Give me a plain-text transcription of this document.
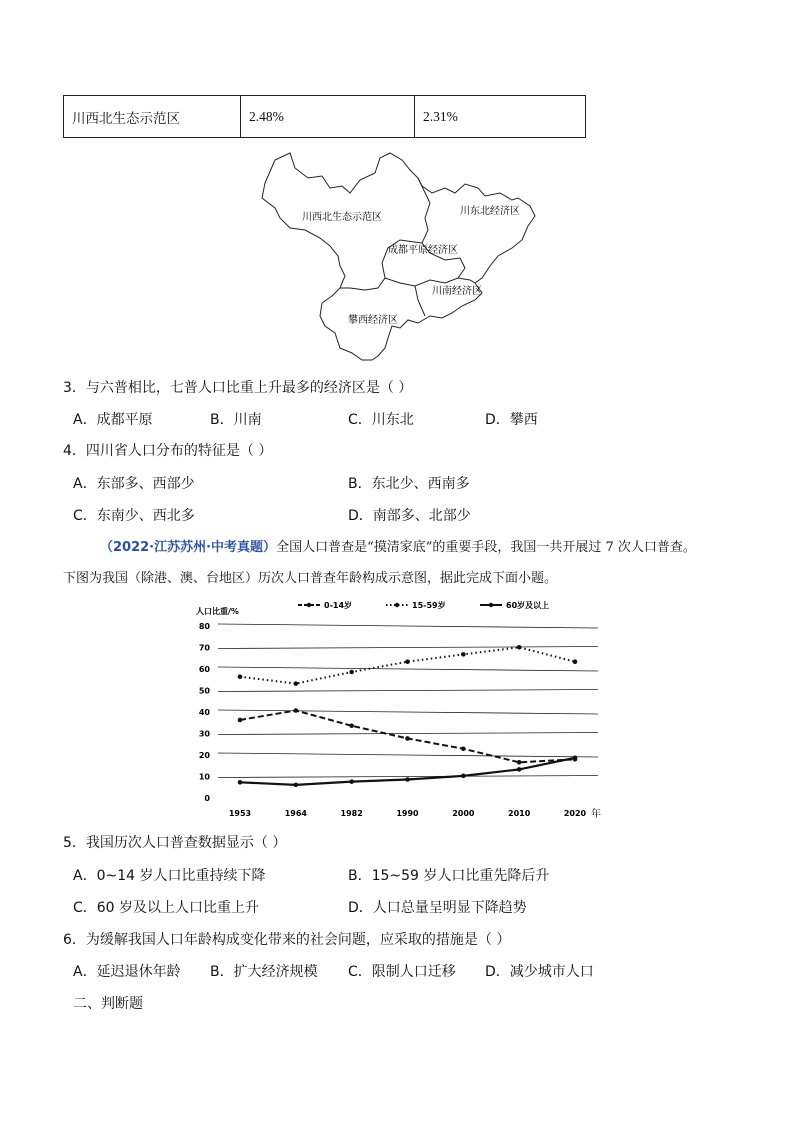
川西北生态示范区	2.48%	2.31%
川西北生态示范区
川东北经济区
成都平原经济区
川南经济区
攀西经济区
3．与六普相比，七普人口比重上升最多的经济区是（ ）
A．成都平原	B．川南	C．川东北	D．攀西
4．四川省人口分布的特征是（ ）
A．东部多、西部少	B．东北少、西南多
C．东南少、西北多	D．南部多、北部少
（2022·江苏苏州·中考真题）全国人口普查是“摸清家底”的重要手段，我国一共开展过 7 次人口普查。
下图为我国（除港、澳、台地区）历次人口普查年龄构成示意图，据此完成下面小题。
0-14岁	15-59岁	60岁及以上
0
10
20
30
40
50
60
70
80
1953	1964	1982	1990	2000	2010	2020
人口比重/%
年
5．我国历次人口普查数据显示（ ）
A．0~14 岁人口比重持续下降	B．15~59 岁人口比重先降后升
C．60 岁及以上人口比重上升	D．人口总量呈明显下降趋势
6．为缓解我国人口年龄构成变化带来的社会问题，应采取的措施是（ ）
A．延迟退休年龄 B．扩大经济规模 C．限制人口迁移 D．减少城市人口
二、判断题
